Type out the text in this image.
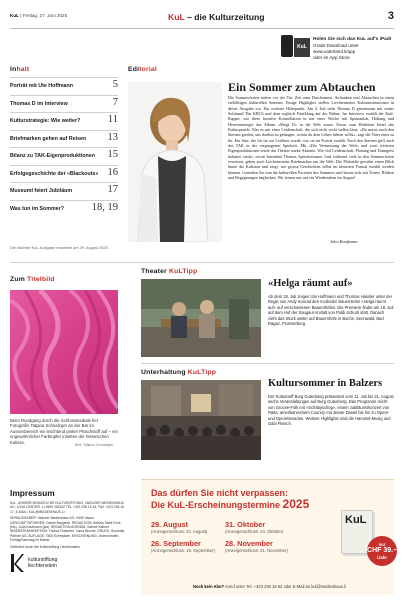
KuL | Freitag, 27. Juni 2025	KuL – die Kulturzeitung	3
KuL
Holen Sie sich das KuL auf's iPad!
Gratis Download unter www.vaterland.li/app
oder im App Store
Inhalt
Porträt mit Ute Hoffmann	5
Thomas D im Interview	7
Kulturstrategie: Wie weiter?	11
Briefmarken gehen auf Reisen 13
Bilanz zu TAK-Eigenproduktionen 15
Erfolgsgeschichte der «Blackouts» 16
Museuml feiert Jubiläum	17
Was tun im Sommer?	18, 19
Die nächste KuL-Ausgabe erscheint am 29. August 2025
Editorial
Ein Sommer zum Abtauchen
Die Sommerferien stehen vor der Tür. Zeit zum Durchatmen, Auftanken und Abtauchen in einen vielfältigen kulturellen Sommer. Einige Highlights stellen Liechtensteins Kulturinstitutionen in dieser Ausgabe vor. Ein weiterer Höhepunkt: Am 4. Juli steht Thomas D gemeinsam mit seiner Soloband The KBCS und dem sogleich Fünfklang auf der Bühne. Im Interview erzählt der Kult-Rapper, wie diese kreative Konstellation in nur einer Woche mit Spontanität, Haltung und Herzensenergie das Album «Mega D» in die Welt setzte. Etwas zum Hinhören bietet das Kulturporträt. Was es mit einer Leidenschaft, die sich nicht recht stellen lässt, «Da musst nach den Sternen greifen, um dorthin zu gelangen, wohin du dein Leben führen willst», sagt die Vater einst zu ihr. Ein Satz, der für sie zur Leitlinie wurde, wie sie im Porträt erzählt. Nach den Sternen griff auch das TAK in der vergangenen Spielzeit. Mit «Die Vermessung der Welt» und zwei weiteren Eigenproduktionen setzte das Theater starke Akzente. Wie viel Leidenschaft, Planung und Teamgeist dahinter steckt, verrät Intendant Thomas Spieckermann. Und während viele in den Sommerferien verreisen, gehen auch Liechtensteins Briefmarken um die Welt. Die Philatelie gewährt einen Blick hinter die Kulissen und zeigt, wie grosse Geschichten selbst im kleinsten Format erzählt werden können. Genießen Sie nun die kulturellen Facetten des Sommers und lassen sich mit Tönen, Bildern und Begegnungen beglücken. Wir freuen uns auf ein Wiedersehen im August!
Julia Kaufmann
Zum Titelbild
Beim Rundgang durch die Schlossmediale fiel Fotografin Tatjana Schnalzger an der Bar im Aussenbereich ein leuchtend pinker Plüschstoff auf – ein ungewöhnlicher Farbtupfer inmitten der historischen Kulisse.
Bild: Tatjana Schnalzger
Theater KuLTipp
«Helga räumt auf»
Ab dem 18. Juli zeigen Ute Hoffmann und Thomas Hassler unter der Regie von Andy Konrad den morbiden Bauernkrimi «Helga räumt auf» auf verschiedenen Bauernhöfen. Die Premiere findet am 18. Juli auf dem Hof der Saugaut Anstalt von Poldi Schurti statt. Danach zieht das Stück weiter auf Bauernhöfe in Buchs, Sennwald, Bad Ragaz, Flumserberg.
Unterhaltung KuLTipp
Kultursommer in Balzers
Der Kulturtreff Burg Gutenberg präsentiert vom 11. Juli bis 21. August sechs Veranstaltungen auf Burg Gutenberg. Das Programm reicht von Groove-Folk mit «Schäbyschög», einem Jubiläumskonzert von Rääs, amerikanischem Country mit Jessie Daniel bis hin zu Opern- und Operettenarien. Weitere Highlights sind die Hammel-Musig und Gabi Fleisch.
Impressum

KuL, UNSERE MONATLICHE KULTURZEITUNG, VADUZER MEDIENHAUS AG, LOVA CENTER, LI-9490 VADUZ TEL +423 236 16 16, FAX +423 236 16 17, E-MAIL: KUL@MEDIENHAUS.LI

HERAUSGEBER: Vaduzer Medienhaus AG, 9490 Vaduz. GESCHÄFTSFÜHRER: Daniel Bargetze. REDAKTION: Bettina Stahl-Frick (bfs), Julia Kaufmann (jka). REDAKTION AGENDA: Sabine Kaltner. INSERATE/MARKETING: Patrick Flatscher, Laura Buchel. DRUCK: Somedia Partner AG. AUFLAGE: 7500 Exemplare. ERSCHEINUNG: Jeden letzten Freitag/Samstag im Monat.

Gefördert durch die Kulturstiftung Liechtenstein

kulturstiftung
liechtenstein
Das dürfen Sie nicht verpassen:
Die KuL-Erscheinungstermine 2025
29. August
(Anzeigenschluss: 22. August)
26. September
(Anzeigenschluss: 19. September)
31. Oktober
(Anzeigenschluss: 24. Oktober)
28. November
(Anzeigenschluss: 21. November)
KuL
nur
CHF 39.–
/Jahr
Noch kein Abo? Anruf unter Tel. +423 236 16 62 oder E-Mail an kul@medienhaus.li
